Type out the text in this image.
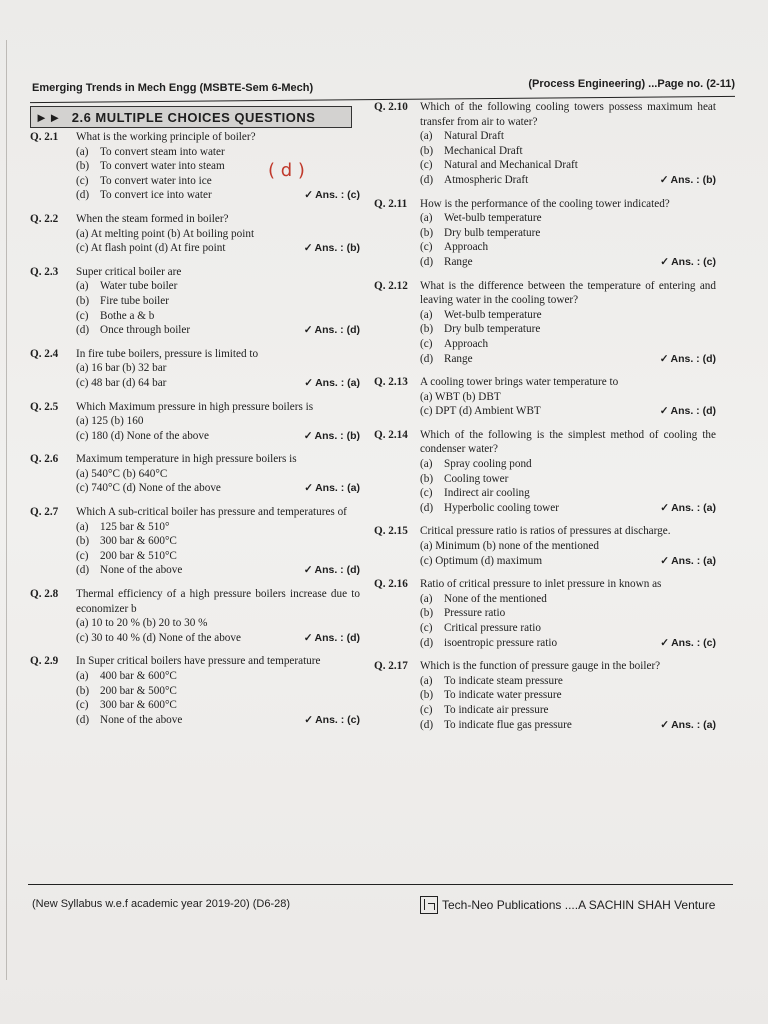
Emerging Trends in Mech Engg (MSBTE-Sem 6-Mech)	(Process Engineering) ...Page no. (2-11)
►► 2.6 MULTIPLE CHOICES QUESTIONS
( d )
Q. 2.1 What is the working principle of boiler?
(a)	To convert steam into water
(b) To convert water into steam
(c)	To convert water into ice
(d) To convert ice into water	✓ Ans. : (c)
Q. 2.2 When the steam formed in boiler?
(a) At melting point (b) At boiling point
(c) At flash point (d) At fire point	✓ Ans. : (b)
Q. 2.3 Super critical boiler are
(a)	Water tube boiler
(b) Fire tube boiler
(c)	Bothe a & b
(d) Once through boiler	✓ Ans. : (d)
Q. 2.4 In fire tube boilers, pressure is limited to
(a) 16 bar (b) 32 bar
(c) 48 bar (d) 64 bar	✓ Ans. : (a)
Q. 2.5 Which Maximum pressure in high pressure boilers is
(a) 125 (b) 160
(c) 180 (d) None of the above	✓ Ans. : (b)
Q. 2.6 Maximum temperature in high pressure boilers is
(a) 540°C (b) 640°C
(c) 740°C (d) None of the above	✓ Ans. : (a)
Q. 2.7 Which A sub-critical boiler has pressure and temperatures of
(a)	125 bar & 510°
(b) 300 bar & 600°C
(c)	200 bar & 510°C
(d) None of the above	✓ Ans. : (d)
Q. 2.8 Thermal efficiency of a high pressure boilers increase due to economizer b
(a) 10 to 20 % (b) 20 to 30 %
(c) 30 to 40 % (d) None of the above	✓ Ans. : (d)
Q. 2.9 In Super critical boilers have pressure and temperature
(a)	400 bar & 600°C
(b) 200 bar & 500°C
(c)	300 bar & 600°C
(d) None of the above	✓ Ans. : (c)
Q. 2.10 Which of the following cooling towers possess maximum heat transfer from air to water?
(a)	Natural Draft
(b) Mechanical Draft
(c)	Natural and Mechanical Draft
(d) Atmospheric Draft	✓ Ans. : (b)
Q. 2.11 How is the performance of the cooling tower indicated?
(a)	Wet-bulb temperature
(b) Dry bulb temperature
(c)	Approach
(d) Range	✓ Ans. : (c)
Q. 2.12 What is the difference between the temperature of entering and leaving water in the cooling tower?
(a)	Wet-bulb temperature
(b) Dry bulb temperature
(c)	Approach
(d) Range	✓ Ans. : (d)
Q. 2.13 A cooling tower brings water temperature to
(a) WBT (b) DBT
(c) DPT (d) Ambient WBT	✓ Ans. : (d)
Q. 2.14 Which of the following is the simplest method of cooling the condenser water?
(a)	Spray cooling pond
(b) Cooling tower
(c)	Indirect air cooling
(d) Hyperbolic cooling tower	✓ Ans. : (a)
Q. 2.15 Critical pressure ratio is ratios of pressures at discharge.
(a) Minimum (b) none of the mentioned
(c) Optimum (d) maximum	✓ Ans. : (a)
Q. 2.16 Ratio of critical pressure to inlet pressure in known as
(a)	None of the mentioned
(b) Pressure ratio
(c)	Critical pressure ratio
(d) isoentropic pressure ratio	✓ Ans. : (c)
Q. 2.17 Which is the function of pressure gauge in the boiler?
(a)	To indicate steam pressure
(b) To indicate water pressure
(c)	To indicate air pressure
(d) To indicate flue gas pressure	✓ Ans. : (a)
(New Syllabus w.e.f academic year 2019-20) (D6-28)	Tech-Neo Publications ....A SACHIN SHAH Venture
